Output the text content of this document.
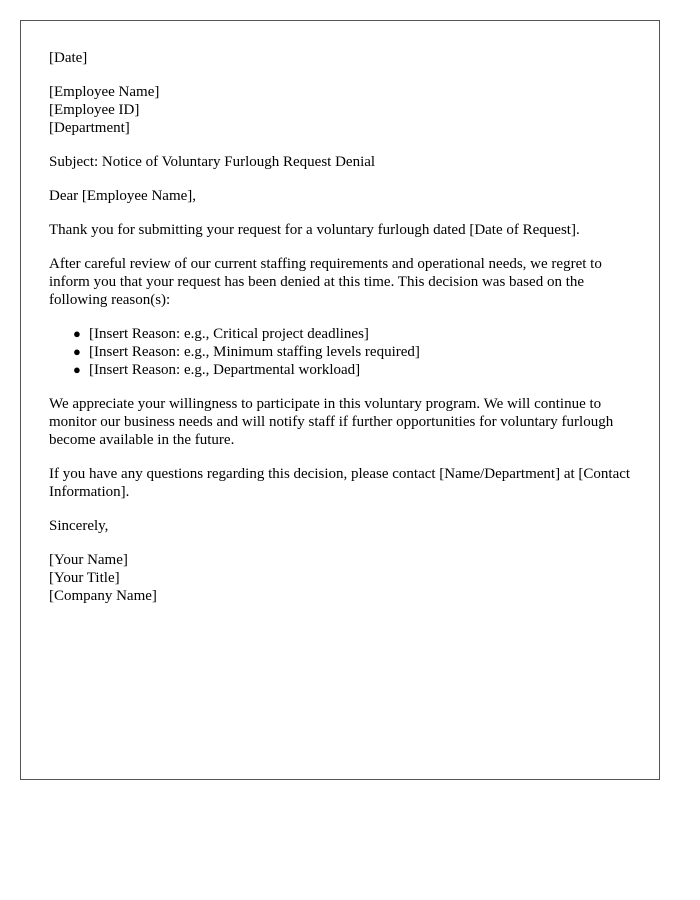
[Date]
[Employee Name]
[Employee ID]
[Department]

Subject: Notice of Voluntary Furlough Request Denial

Dear [Employee Name],

Thank you for submitting your request for a voluntary furlough dated [Date of Request].

After careful review of our current staffing requirements and operational needs, we regret to inform you that your request has been denied at this time. This decision was based on the following reason(s):

● [Insert Reason: e.g., Critical project deadlines]
● [Insert Reason: e.g., Minimum staffing levels required]
● [Insert Reason: e.g., Departmental workload]

We appreciate your willingness to participate in this voluntary program. We will continue to monitor our business needs and will notify staff if further opportunities for voluntary furlough become available in the future.

If you have any questions regarding this decision, please contact [Name/Department] at [Contact Information].

Sincerely,

[Your Name]
[Your Title]
[Company Name]
